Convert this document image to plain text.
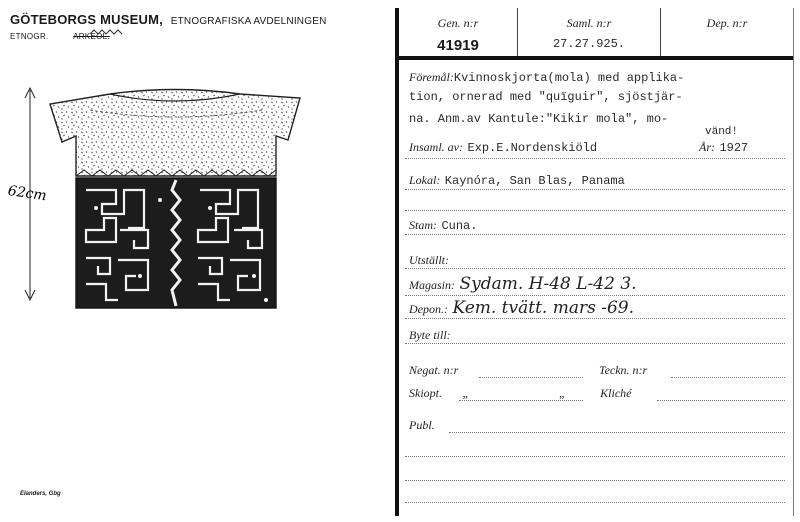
GÖTEBORGS MUSEUM, ETNOGRAFISKA AVDELNINGEN
ETNOGR.	ARKEOL.
62cm
Elanders, Gbg
Gen. n:r
41919
Saml. n:r
27.27.925.
Dep. n:r
Föremål:Kvinnoskjorta(mola) med applika-
tion, ornerad med "quïguir", sjöstjär-
na. Anm.av Kantule:"Kikir mola", mo-
Insaml. av: Exp.E.Nordenskiöld
vänd!
År: 1927
Lokal: Kaynóra, San Blas, Panama
Stam: Cuna.
Utställt:
Magasin: Sydam. H-48 L-42 3.
Depon.: Kem. tvätt. mars -69.
Byte till:
Negat. n:r	Teckn. n:r
Skiopt. „	„	Kliché
Publ.
